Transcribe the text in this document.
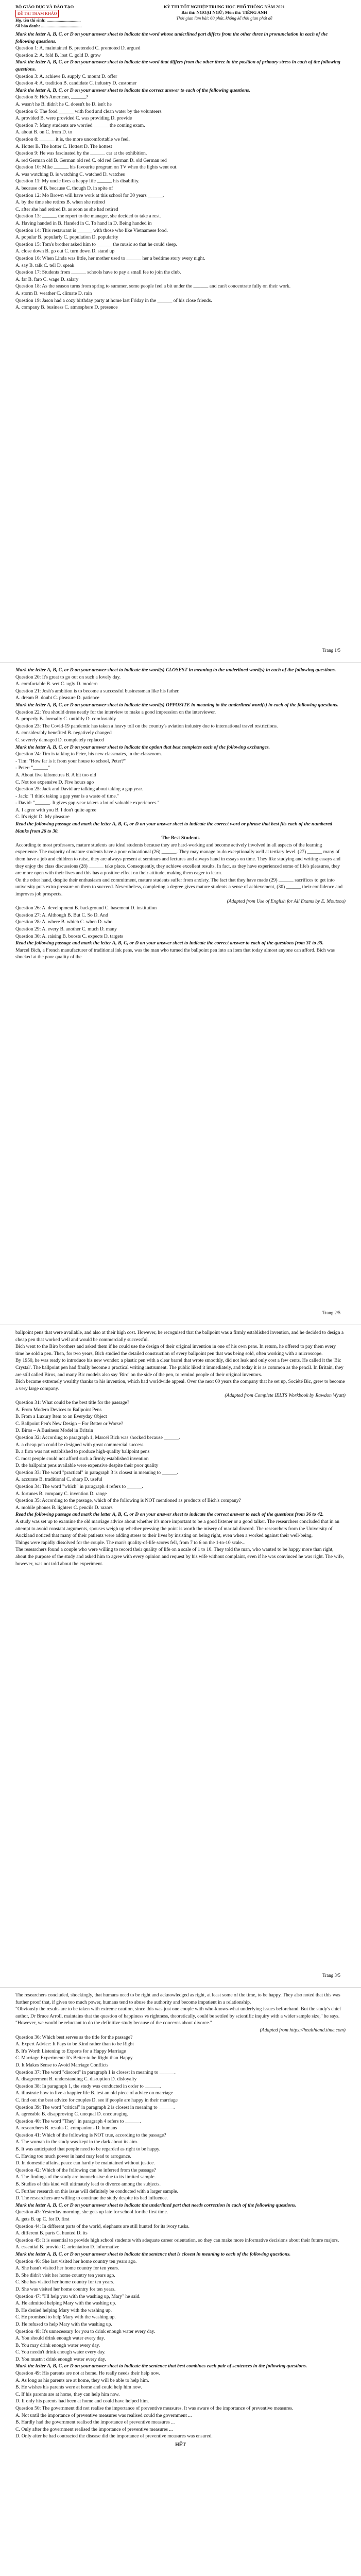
BỘ GIÁO DỤC VÀ ĐÀO TẠO
ĐỀ THI THAM KHẢO
Họ, tên thí sinh: ...............................
Số báo danh: .....................................
KỲ THI TỐT NGHIỆP TRUNG HỌC PHỔ THÔNG NĂM 2021
Bài thi: NGOẠI NGỮ; Môn thi: TIẾNG ANH
Thời gian làm bài: 60 phút, không kể thời gian phát đề
Mark the letter A, B, C, or D on your answer sheet to indicate the word whose underlined part differs from the other three in pronunciation in each of the following questions.
Question 1: A. maintained B. pretended C. promoted D. argued
Question 2: A. fold B. lost C. gold D. grow
Mark the letter A, B, C, or D on your answer sheet to indicate the word that differs from the other three in the position of primary stress in each of the following questions.
Question 3: A. achieve B. supply C. mount D. offer
Question 4: A. tradition B. candidate C. industry D. customer
Mark the letter A, B, C, or D on your answer sheet to indicate the correct answer to each of the following questions.
Question 5: He's American, ______?
A. wasn't he B. didn't he C. doesn't he D. isn't he
Question 6: The food ______ with food and clean water by the volunteers.
A. provided B. were provided C. was providing D. provide
Question 7: Many students are worried ______ the coming exam.
A. about B. on C. from D. to
Question 8: ______ it is, the more uncomfortable we feel.
A. Hotter B. The hotter C. Hottest D. The hottest
Question 9: He was fascinated by the ______ car at the exhibition.
A. red German old B. German old red C. old red German D. old German red
Question 10: Mike ______ his favourite program on TV when the lights went out.
A. was watching B. is watching C. watched D. watches
Question 11: My uncle lives a happy life ______ his disability.
A. because of B. because C. though D. in spite of
Question 12: Mo Brown will have work at this school for 30 years ______.
A. by the time she retires B. when she retired
C. after she had retired D. as soon as she had retired
Question 13: ______ the report to the manager, she decided to take a rest.
A. Having handed in B. Handed in C. To hand in D. Being handed in
Question 14: This restaurant is ______ with those who like Vietnamese food.
A. popular B. popularly C. population D. popularity
Question 15: Tom's brother asked him to ______ the music so that he could sleep.
A. close down B. go out C. turn down D. stand up
Question 16: When Linda was little, her mother used to ______ her a bedtime story every night.
A. say B. talk C. tell D. speak
Question 17: Students from ______ schools have to pay a small fee to join the club.
A. far B. faro C. wage D. salary
Question 18: As the season turns from spring to summer, some people feel a bit under the ______ and can't concentrate fully on their work.
A. storm B. weather C. climate D. rain
Question 19: Jason had a cozy birthday party at home last Friday in the ______ of his close friends.
A. company B. business C. atmosphere D. presence
Trang 1/5
Mark the letter A, B, C, or D on your answer sheet to indicate the word(s) CLOSEST in meaning to the underlined word(s) in each of the following questions.
Question 20: It's great to go out on such a lovely day.
A. comfortable B. wet C. ugly D. modern
Question 21: Josh's ambition is to become a successful businessman like his father.
A. dream B. doubt C. pleasure D. patience
Mark the letter A, B, C, or D on your answer sheet to indicate the word(s) OPPOSITE in meaning to the underlined word(s) in each of the following questions.
Question 22: You should dress neatly for the interview to make a good impression on the interviewer.
A. properly B. formally C. untidily D. comfortably
Question 23: The Covid-19 pandemic has taken a heavy toll on the country's aviation industry due to international travel restrictions.
A. considerably benefited B. negatively changed
C. severely damaged D. completely replaced
Mark the letter A, B, C, or D on your answer sheet to indicate the option that best completes each of the following exchanges.
Question 24: Tim is talking to Peter, his new classmates, in the classroom.
- Tim: "How far is it from your house to school, Peter?"
- Peter: "______"
A. About five kilometres B. A bit too old
C. Not too expensive D. Five hours ago
Question 25: Jack and David are talking about taking a gap year.
- Jack: "I think taking a gap year is a waste of time."
- David: "______. It gives gap-year takers a lot of valuable experiences."
A. I agree with you B. I don't quite agree
C. It's right D. My pleasure
Read the following passage and mark the letter A, B, C, or D on your answer sheet to indicate the correct word or phrase that best fits each of the numbered blanks from 26 to 30.
The Best Students
According to most professors, mature students are ideal students because they are hard-working and become actively involved in all aspects of the learning experience. The majority of mature students have a poor educational (26) ______. They may manage to do exceptionally well at tertiary level. (27) ______ many of them have a job and children to raise, they are always present at seminars and lectures and always hand in essays on time. They like studying and writing essays and they enjoy the class discussions (28) ______ take place. Consequently, they achieve excellent results. In fact, as they have experienced some of life's pleasures, they are more open with their lives and this has a positive effect on their attitude, making them eager to learn.
On the other hand, despite their enthusiasm and commitment, mature students suffer from anxiety. The fact that they have made (29) ______ sacrifices to get into university puts extra pressure on them to succeed. Nevertheless, completing a degree gives mature students a sense of achievement, (30) ______ their confidence and improves job prospects.
(Adapted from Use of English for All Exams by E. Moutsou)
Question 26: A. development B. background C. basement D. institution
Question 27: A. Although B. But C. So D. And
Question 28: A. where B. which C. when D. who
Question 29: A. every B. another C. much D. many
Question 30: A. raising B. boosts C. expects D. targets
Read the following passage and mark the letter A, B, C, or D on your answer sheet to indicate the correct answer to each of the questions from 31 to 35.
Marcel Bich, a French manufacturer of traditional ink pens, was the man who turned the ballpoint pen into an item that today almost anyone can afford. Bich was shocked at the poor quality of the
Trang 2/5
ballpoint pens that were available, and also at their high cost. However, he recognised that the ballpoint was a firmly established invention, and he decided to design a cheap pen that worked well and would be commercially successful.
Bich went to the Biro brothers and asked them if he could use the design of their original invention in one of his own pens. In return, he offered to pay them every time he sold a pen. Then, for two years, Bich studied the detailed construction of every ballpoint pen that was being sold, often working with a microscope.
By 1950, he was ready to introduce his new wonder: a plastic pen with a clear barrel that wrote smoothly, did not leak and only cost a few cents. He called it the 'Bic Crystal'. The ballpoint pen had finally become a practical writing instrument. The public liked it immediately, and today it is as common as the pencil. In Britain, they are still called Biros, and many Bic models also say 'Biro' on the side of the pen, to remind people of their original inventors.
Bich became extremely wealthy thanks to his invention, which had worldwide appeal. Over the next 60 years the company that he set up, Société Bic, grew to become a very large company.
(Adapted from Complete IELTS Workbook by Rawdon Wyatt)
Question 31: What could be the best title for the passage?
A. From Modern Devices to Ballpoint Pens
B. From a Luxury Item to an Everyday Object
C. Ballpoint Pen's New Design – For Better or Worse?
D. Biros – A Business Model in Britain
Question 32: According to paragraph 1, Marcel Bich was shocked because ______.
A. a cheap pen could be designed with great commercial success
B. a firm was not established to produce high-quality ballpoint pens
C. most people could not afford such a firmly established invention
D. the ballpoint pens available were expensive despite their poor quality
Question 33: The word "practical" in paragraph 3 is closest in meaning to ______.
A. accurate B. traditional C. sharp D. useful
Question 34: The word "which" in paragraph 4 refers to ______.
A. fortunes B. company C. invention D. range
Question 35: According to the passage, which of the following is NOT mentioned as products of Bich's company?
A. mobile phones B. lighters C. pencils D. razors
Read the following passage and mark the letter A, B, C, or D on your answer sheet to indicate the correct answer to each of the questions from 36 to 42.
A study was set up to examine the old marriage advice about whether it's more important to be a good listener or a good talker. The researchers concluded that in an attempt to avoid constant arguments, spouses weigh up whether pressing the point is worth the misery of marital discord. The researchers from the University of Auckland noticed that many of their patients were adding stress to their lives by insisting on being right, even when a worked against their well-being.
Things were rapidly dissolved for the couple. The man's quality-of-life scores fell, from 7 to 6 on the 1-to-10 scale...
The researchers found a couple who were willing to record their quality of life on a scale of 1 to 10. They told the man, who wanted to be happy more than right, about the purpose of the study and asked him to agree with every opinion and request by his wife without complaint, even if he was convinced he was right. The wife, however, was not told about the experiment.
Trang 3/5
The researchers concluded, shockingly, that humans need to be right and acknowledged as right, at least some of the time, to be happy. They also noted that this was further proof that, if given too much power, humans tend to abuse the authority and become impatient in a relationship.
"Obviously the results are to be taken with extreme caution, since this was just one couple with who-knows-what underlying issues beforehand. But the study's chief author, Dr Bruce Arroll, maintains that the question of happiness vs rightness, theoretically, could be settled by scientific inquiry with a wider sample size," he says. "However, we would be reluctant to do the definitive study because of the concerns about divorce."
(Adapted from https://healthland.time.com)
Question 36: Which best serves as the title for the passage?
A. Expert Advice: It Pays to be Kind rather than to be Right
B. It's Worth Listening to Experts for a Happy Marriage
C. Marriage Experiment: It's Better to be Right than Happy
D. It Makes Sense to Avoid Marriage Conflicts
Question 37: The word "discord" in paragraph 1 is closest in meaning to ______.
A. disagreement B. understanding C. disruption D. disloyalty
Question 38: In paragraph 1, the study was conducted in order to ______.
A. illustrate how to live a happier life B. test an old piece of advice on marriage
C. find out the best advice for couples D. see if people are happy in their marriage
Question 39: The word "critical" in paragraph 2 is closest in meaning to ______.
A. agreeable B. disapproving C. unequal D. encouraging
Question 40: The word "They" in paragraph 4 refers to ______.
A. researchers B. results C. companions D. humans
Question 41: Which of the following is NOT true, according to the passage?
A. The woman in the study was kept in the dark about its aim.
B. It was anticipated that people need to be regarded as right to be happy.
C. Having too much power in hand may lead to arrogance.
D. In domestic affairs, peace can hardly be maintained without justice.
Question 42: Which of the following can be inferred from the passage?
A. The findings of the study are inconclusive due to its limited sample.
B. Studies of this kind will ultimately lead to divorce among the subjects.
C. Further research on this issue will definitely be conducted with a larger sample.
D. The researchers are willing to continue the study despite its bad influence.
Mark the letter A, B, C, or D on your answer sheet to indicate the underlined part that needs correction in each of the following questions.
Question 43: Yesterday morning, she gets up late for school for the first time.
A. gets B. up C. for D. first
Question 44: In different parts of the world, elephants are still hunted for its ivory tusks.
A. different B. parts C. hunted D. its
Question 45: It is essential to provide high school students with adequate career orientation, so they can make more informative decisions about their future majors.
A. essential B. provide C. orientation D. informative
Mark the letter A, B, C, or D on your answer sheet to indicate the sentence that is closest in meaning to each of the following questions.
Question 46: She last visited her home country ten years ago.
A. She hasn't visited her home country for ten years.
B. She didn't visit her home country ten years ago.
C. She has visited her home country for ten years.
D. She was visited her home country for ten years.
Question 47: "I'll help you with the washing up, Mary" he said.
A. He admitted helping Mary with the washing up.
B. He denied helping Mary with the washing up.
C. He promised to help Mary with the washing up.
D. He refused to help Mary with the washing up.
Question 48: It's unnecessary for you to drink enough water every day.
A. You should drink enough water every day.
B. You may drink enough water every day.
C. You needn't drink enough water every day.
D. You mustn't drink enough water every day.
Mark the letter A, B, C, or D on your answer sheet to indicate the sentence that best combines each pair of sentences in the following questions.
Question 49: His parents are not at home. He really needs their help now.
A. As long as his parents are at home, they will be able to help him.
B. He wishes his parents were at home and could help him now.
C. If his parents are at home, they can help him now.
D. If only his parents had been at home and could have helped him.
Question 50: The government did not realise the importance of preventive measures. It was aware of the importance of preventive measures.
A. Not until the importance of preventive measures was realised could the government ...
B. Hardly had the government realised the importance of preventive measures ...
C. Only after the government realised the importance of preventive measures ...
D. Only after he had contracted the disease did the importance of preventive measures was ensured.
HẾT
